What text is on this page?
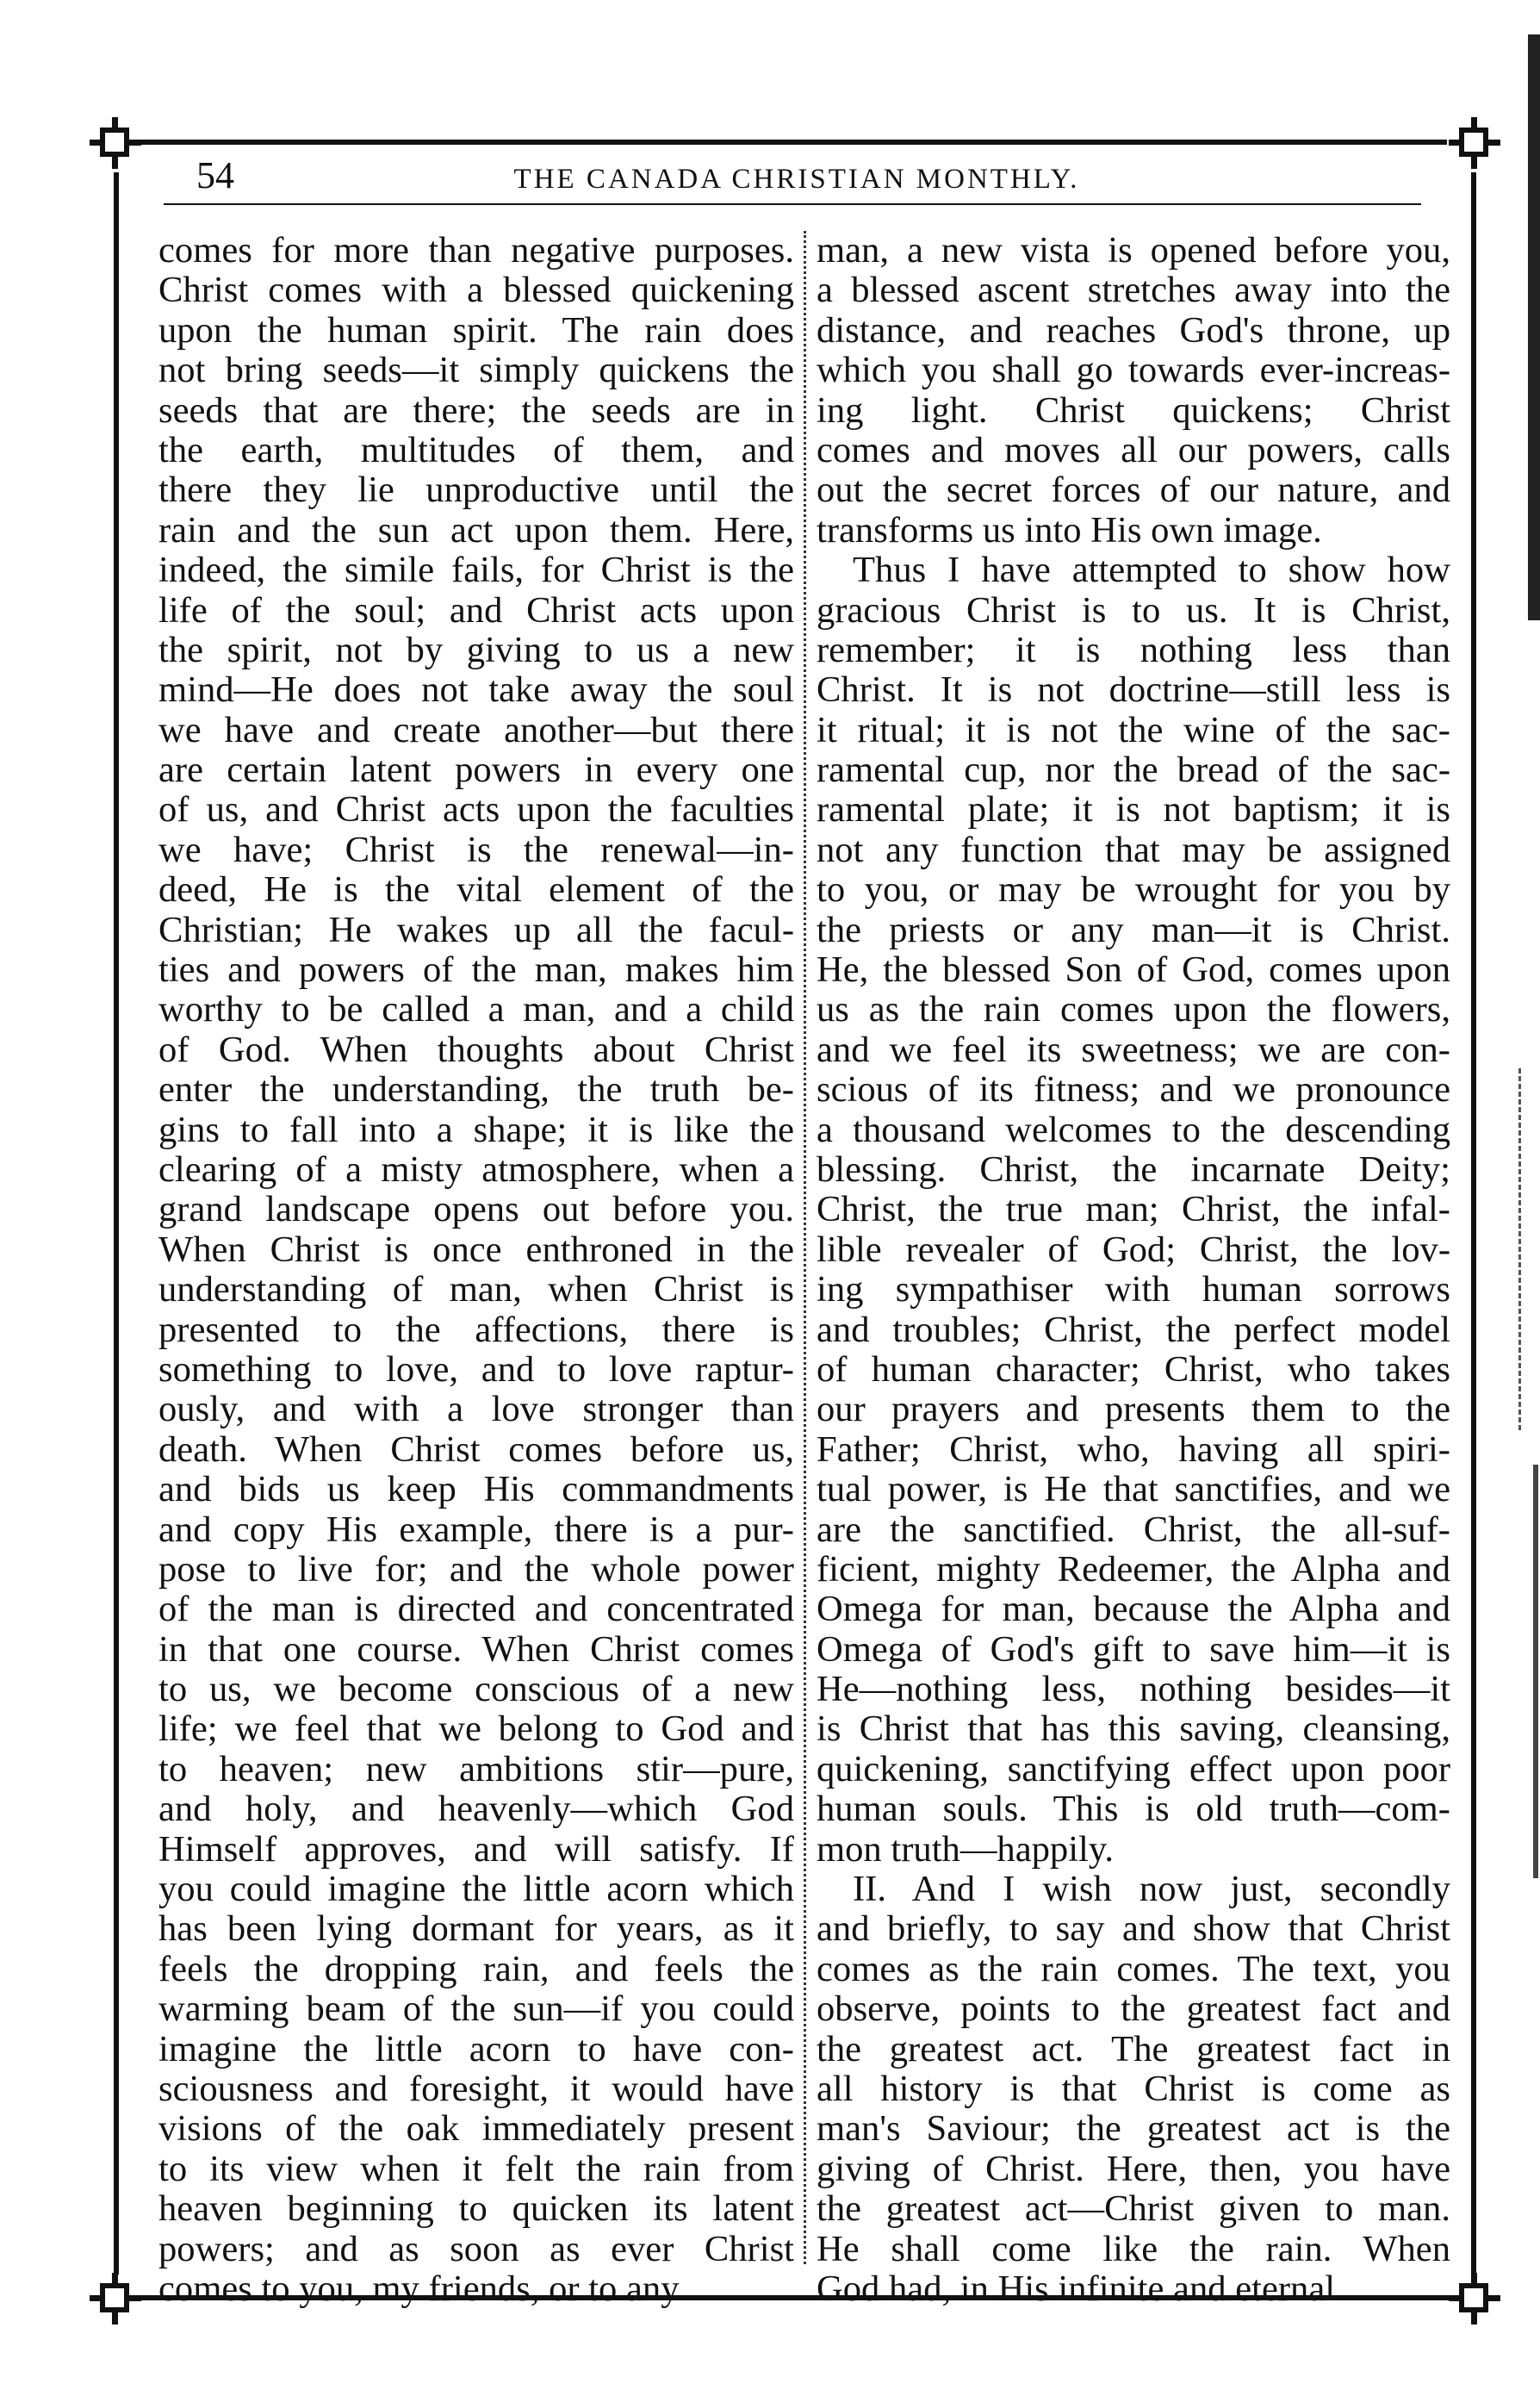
54	THE CANADA CHRISTIAN MONTHLY.
comes for more than negative purposes.
Christ comes with a blessed quickening
upon the human spirit. The rain does
not bring seeds—it simply quickens the
seeds that are there; the seeds are in
the earth, multitudes of them, and
there they lie unproductive until the
rain and the sun act upon them. Here,
indeed, the simile fails, for Christ is the
life of the soul; and Christ acts upon
the spirit, not by giving to us a new
mind—He does not take away the soul
we have and create another—but there
are certain latent powers in every one
of us, and Christ acts upon the faculties
we have; Christ is the renewal—in-
deed, He is the vital element of the
Christian; He wakes up all the facul-
ties and powers of the man, makes him
worthy to be called a man, and a child
of God. When thoughts about Christ
enter the understanding, the truth be-
gins to fall into a shape; it is like the
clearing of a misty atmosphere, when a
grand landscape opens out before you.
When Christ is once enthroned in the
understanding of man, when Christ is
presented to the affections, there is
something to love, and to love raptur-
ously, and with a love stronger than
death. When Christ comes before us,
and bids us keep His commandments
and copy His example, there is a pur-
pose to live for; and the whole power
of the man is directed and concentrated
in that one course. When Christ comes
to us, we become conscious of a new
life; we feel that we belong to God and
to heaven; new ambitions stir—pure,
and holy, and heavenly—which God
Himself approves, and will satisfy. If
you could imagine the little acorn which
has been lying dormant for years, as it
feels the dropping rain, and feels the
warming beam of the sun—if you could
imagine the little acorn to have con-
sciousness and foresight, it would have
visions of the oak immediately present
to its view when it felt the rain from
heaven beginning to quicken its latent
powers; and as soon as ever Christ
comes to you, my friends, or to any
man, a new vista is opened before you,
a blessed ascent stretches away into the
distance, and reaches God's throne, up
which you shall go towards ever-increas-
ing light. Christ quickens; Christ
comes and moves all our powers, calls
out the secret forces of our nature, and
transforms us into His own image.
Thus I have attempted to show how
gracious Christ is to us. It is Christ,
remember; it is nothing less than
Christ. It is not doctrine—still less is
it ritual; it is not the wine of the sac-
ramental cup, nor the bread of the sac-
ramental plate; it is not baptism; it is
not any function that may be assigned
to you, or may be wrought for you by
the priests or any man—it is Christ.
He, the blessed Son of God, comes upon
us as the rain comes upon the flowers,
and we feel its sweetness; we are con-
scious of its fitness; and we pronounce
a thousand welcomes to the descending
blessing. Christ, the incarnate Deity;
Christ, the true man; Christ, the infal-
lible revealer of God; Christ, the lov-
ing sympathiser with human sorrows
and troubles; Christ, the perfect model
of human character; Christ, who takes
our prayers and presents them to the
Father; Christ, who, having all spiri-
tual power, is He that sanctifies, and we
are the sanctified. Christ, the all-suf-
ficient, mighty Redeemer, the Alpha and
Omega for man, because the Alpha and
Omega of God's gift to save him—it is
He—nothing less, nothing besides—it
is Christ that has this saving, cleansing,
quickening, sanctifying effect upon poor
human souls. This is old truth—com-
mon truth—happily.
II. And I wish now just, secondly
and briefly, to say and show that Christ
comes as the rain comes. The text, you
observe, points to the greatest fact and
the greatest act. The greatest fact in
all history is that Christ is come as
man's Saviour; the greatest act is the
giving of Christ. Here, then, you have
the greatest act—Christ given to man.
He shall come like the rain. When
God had, in His infinite and eternal
